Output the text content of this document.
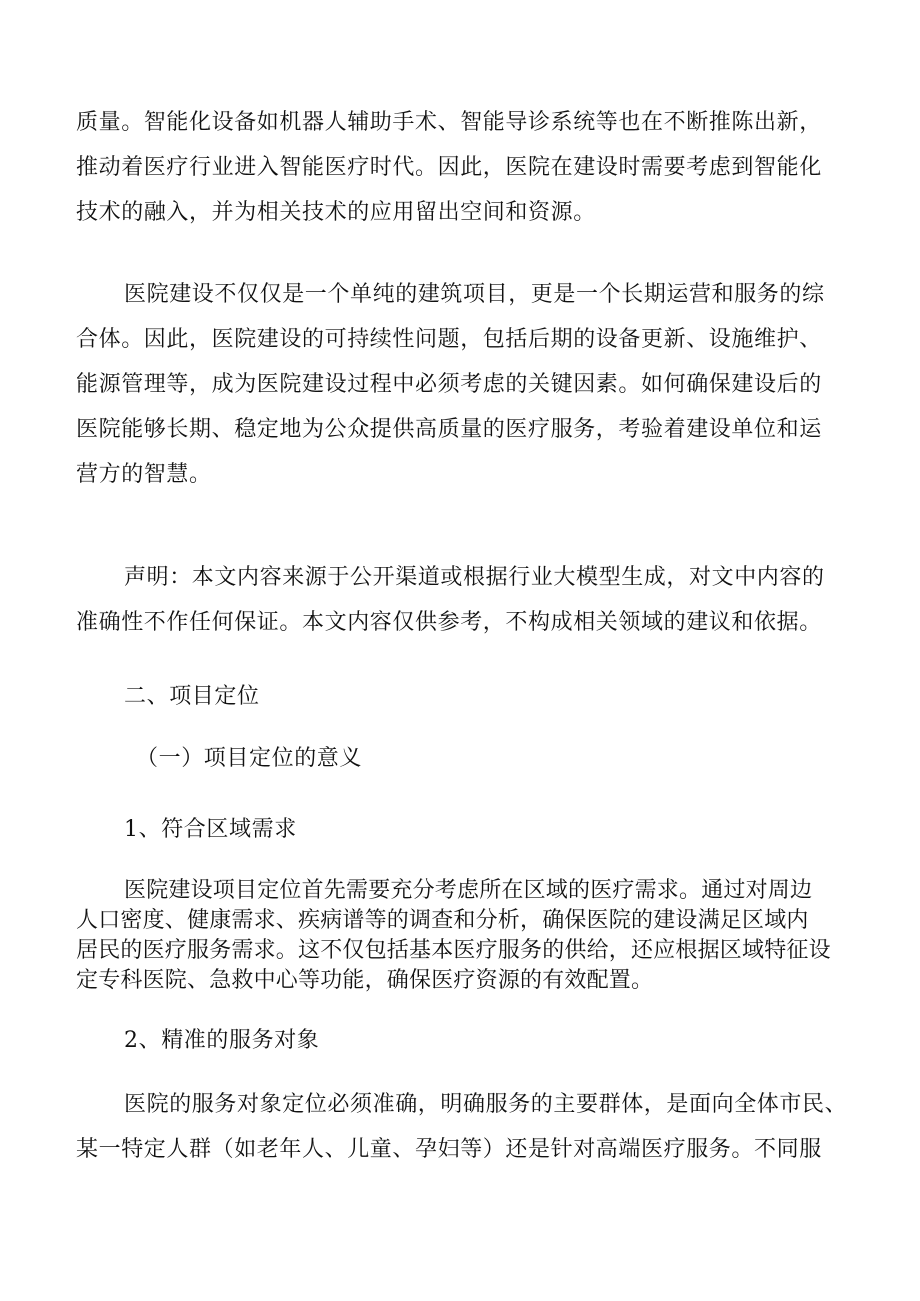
质量。智能化设备如机器人辅助手术、智能导诊系统等也在不断推陈出新，
推动着医疗行业进入智能医疗时代。因此，医院在建设时需要考虑到智能化
技术的融入，并为相关技术的应用留出空间和资源。

医院建设不仅仅是一个单纯的建筑项目，更是一个长期运营和服务的综
合体。因此，医院建设的可持续性问题，包括后期的设备更新、设施维护、
能源管理等，成为医院建设过程中必须考虑的关键因素。如何确保建设后的
医院能够长期、稳定地为公众提供高质量的医疗服务，考验着建设单位和运
营方的智慧。

声明：本文内容来源于公开渠道或根据行业大模型生成，对文中内容的
准确性不作任何保证。本文内容仅供参考，不构成相关领域的建议和依据。

二、项目定位
（一）项目定位的意义
1、符合区域需求

医院建设项目定位首先需要充分考虑所在区域的医疗需求。通过对周边
人口密度、健康需求、疾病谱等的调查和分析，确保医院的建设满足区域内
居民的医疗服务需求。这不仅包括基本医疗服务的供给，还应根据区域特征设
定专科医院、急救中心等功能，确保医疗资源的有效配置。

2、精准的服务对象

医院的服务对象定位必须准确，明确服务的主要群体，是面向全体市民、
某一特定人群（如老年人、儿童、孕妇等）还是针对高端医疗服务。不同服
